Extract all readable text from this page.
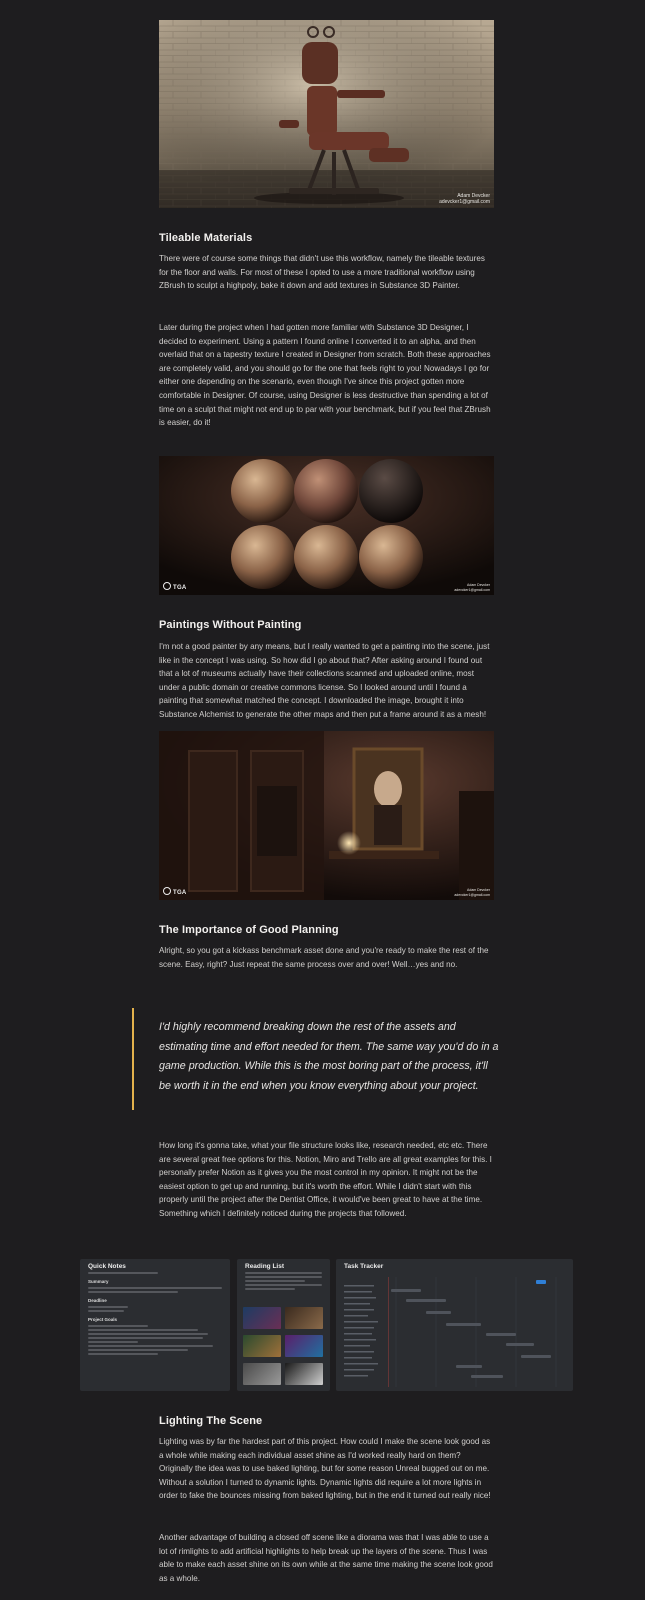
Adam Devcker
adevcker1@gmail.com
Tileable Materials

There were of course some things that didn't use this workflow, namely the tileable textures for the floor and walls. For most of these I opted to use a more traditional workflow using ZBrush to sculpt a highpoly, bake it down and add textures in Substance 3D Painter.

Later during the project when I had gotten more familiar with Substance 3D Designer, I decided to experiment. Using a pattern I found online I converted it to an alpha, and then overlaid that on a tapestry texture I created in Designer from scratch. Both these approaches are completely valid, and you should go for the one that feels right to you! Nowadays I go for either one depending on the scenario, even though I've since this project gotten more comfortable in Designer. Of course, using Designer is less destructive than spending a lot of time on a sculpt that might not end up to par with your benchmark, but if you feel that ZBrush is easier, do it!

TGA	Adam Devcker
adevcker1@gmail.com
Paintings Without Painting

I'm not a good painter by any means, but I really wanted to get a painting into the scene, just like in the concept I was using. So how did I go about that? After asking around I found out that a lot of museums actually have their collections scanned and uploaded online, most under a public domain or creative commons license. So I looked around until I found a painting that somewhat matched the concept. I downloaded the image, brought it into Substance Alchemist to generate the other maps and then put a frame around it as a mesh!

TGA	Adam Devcker
adevcker1@gmail.com
The Importance of Good Planning

Alright, so you got a kickass benchmark asset done and you're ready to make the rest of the scene. Easy, right? Just repeat the same process over and over! Well…yes and no.

I'd highly recommend breaking down the rest of the assets and estimating time and effort needed for them. The same way you'd do in a game production. While this is the most boring part of the process, it'll be worth it in the end when you know everything about your project.

How long it's gonna take, what your file structure looks like, research needed, etc etc. There are several great free options for this. Notion, Miro and Trello are all great examples for this. I personally prefer Notion as it gives you the most control in my opinion. It might not be the easiest option to get up and running, but it's worth the effort. While I didn't start with this properly until the project after the Dentist Office, it would've been great to have at the time. Something which I definitely noticed during the projects that followed.

Quick Notes
Summary
Deadline
Project Goals
Reading List	Task Tracker
Lighting The Scene

Lighting was by far the hardest part of this project. How could I make the scene look good as a whole while making each individual asset shine as I'd worked really hard on them? Originally the idea was to use baked lighting, but for some reason Unreal bugged out on me. Without a solution I turned to dynamic lights. Dynamic lights did require a lot more lights in order to fake the bounces missing from baked lighting, but in the end it turned out really nice!

Another advantage of building a closed off scene like a diorama was that I was able to use a lot of rimlights to add artificial highlights to help break up the layers of the scene. Thus I was able to make each asset shine on its own while at the same time making the scene look good as a whole.
